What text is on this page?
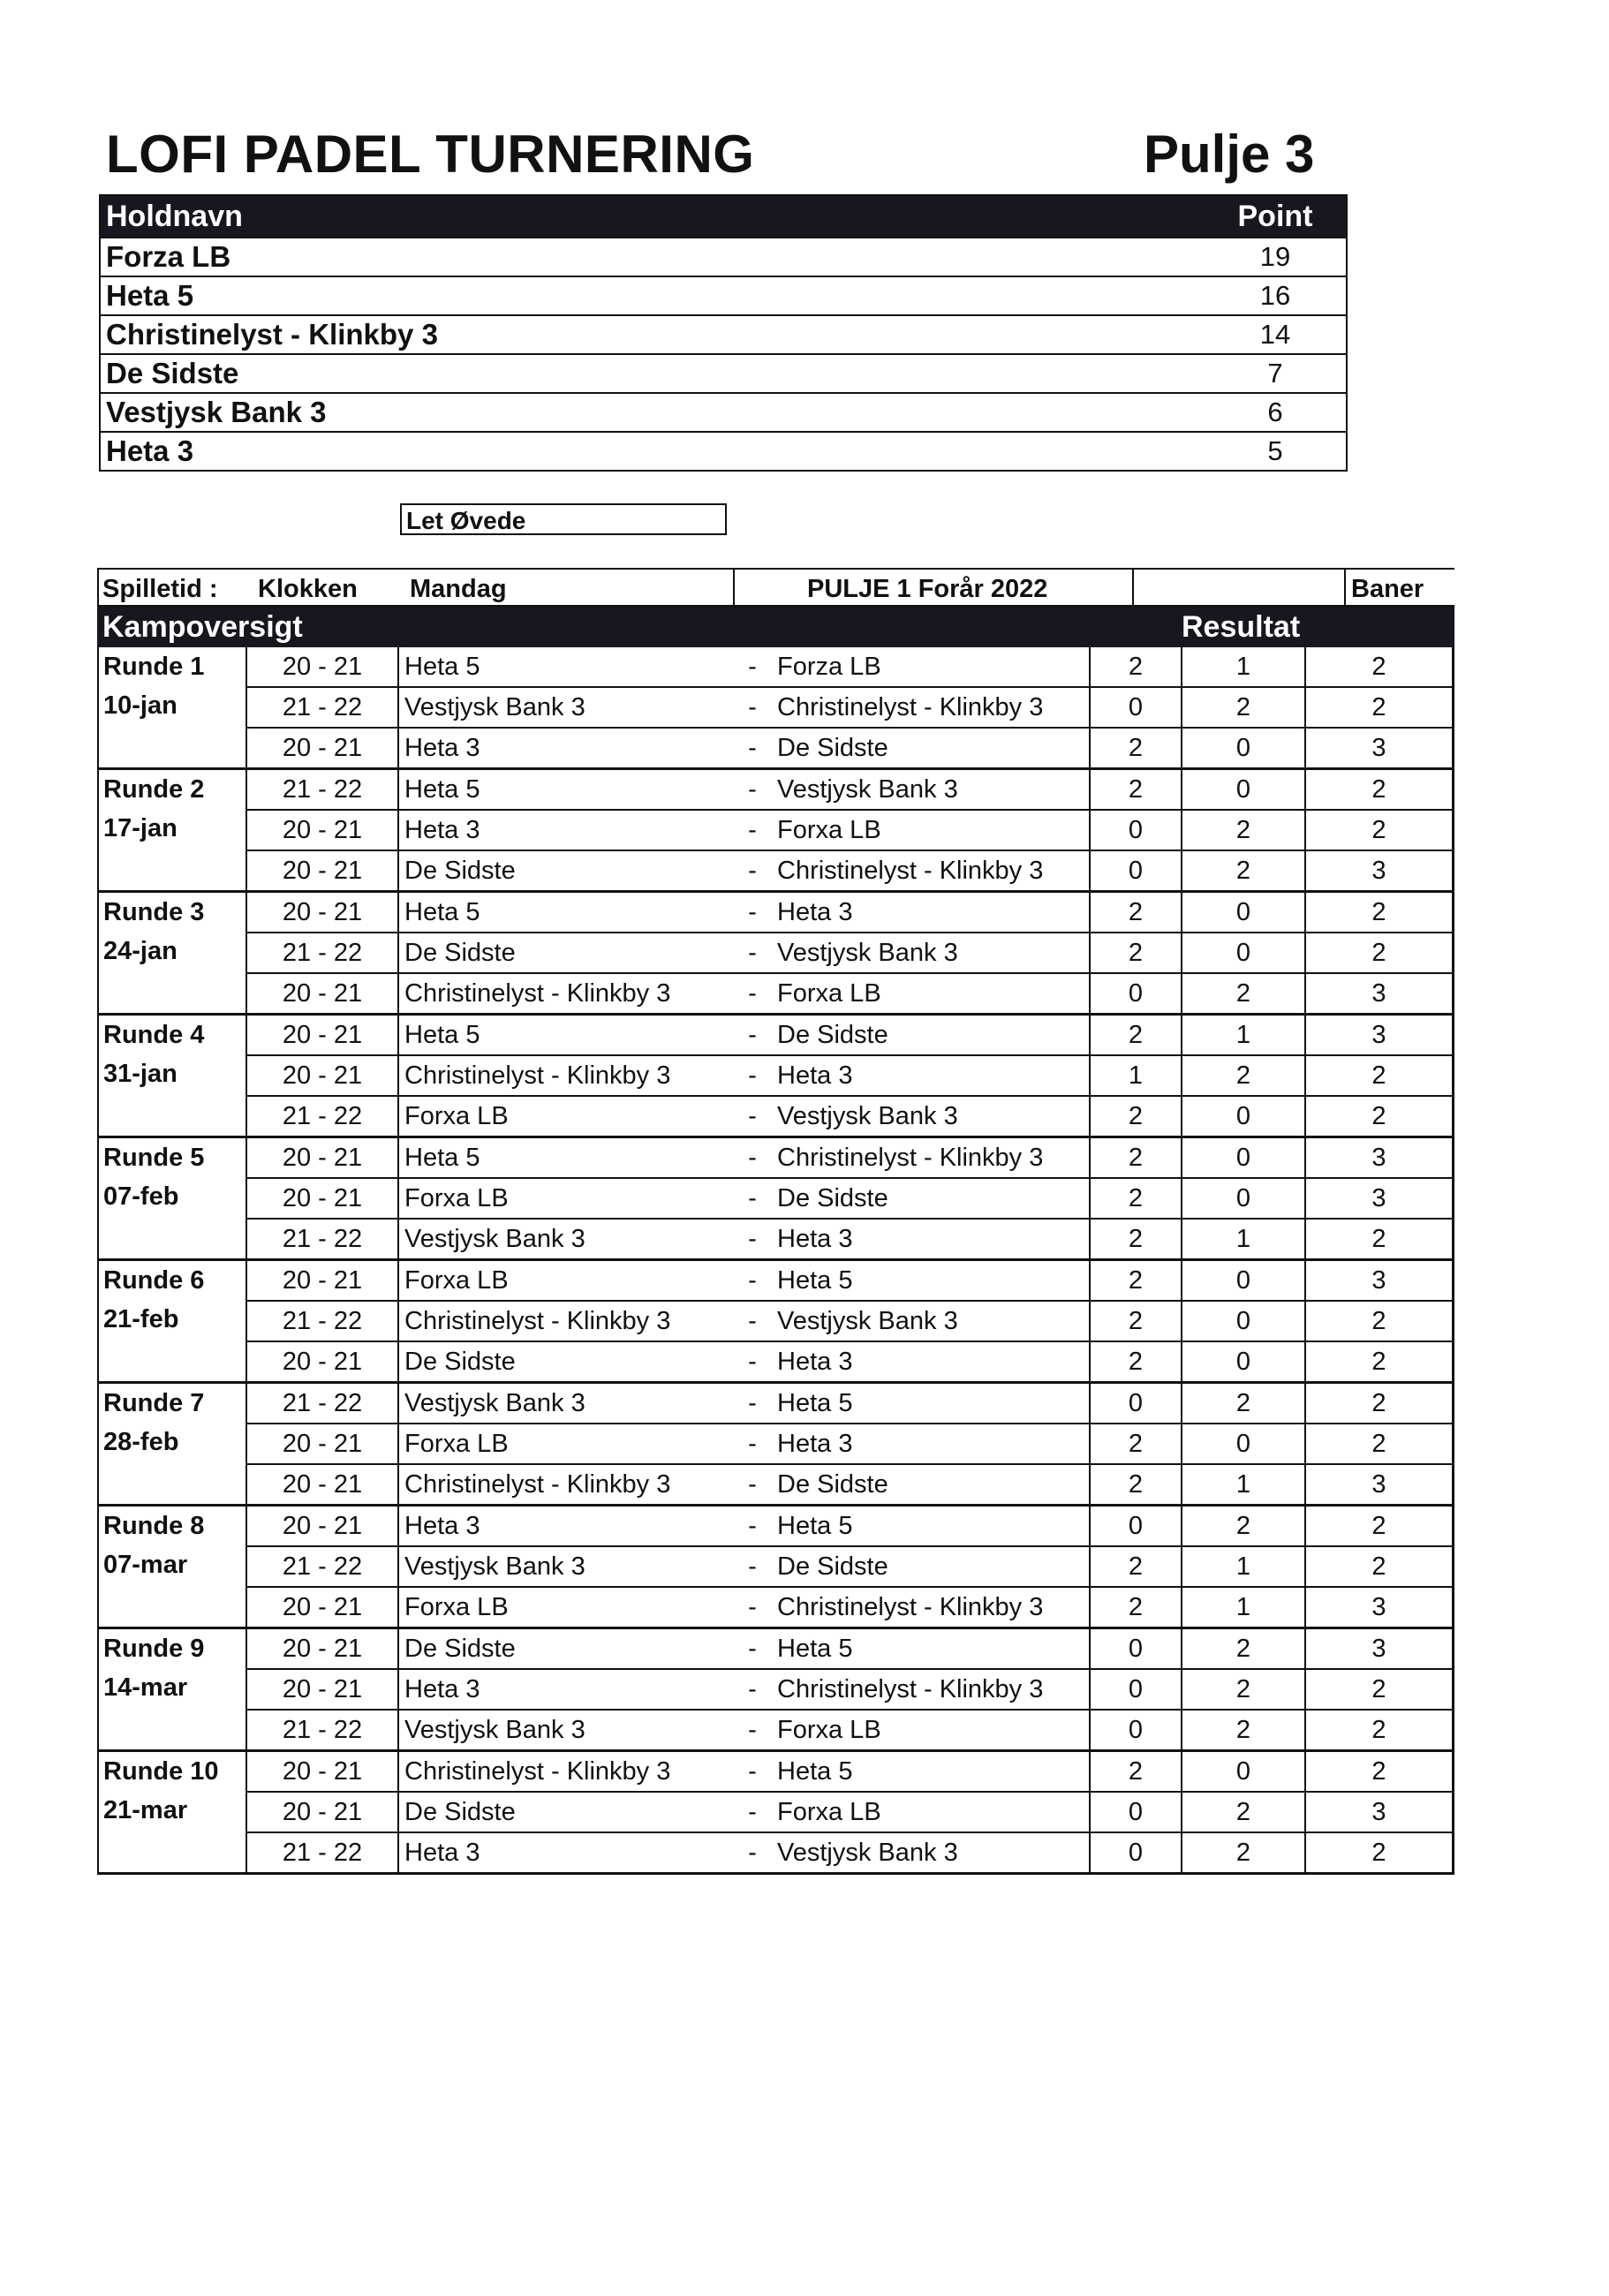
LOFI PADEL TURNERING	Pulje 3
Holdnavn	Point
Forza LB	19
Heta 5	16
Christinelyst - Klinkby 3	14
De Sidste	7
Vestjysk Bank 3	6
Heta 3	5
Let Øvede
Spilletid : Klokken Mandag	PULJE 1 Forår 2022	Baner
Kampoversigt	Resultat
Runde 1
10-jan
20 - 21	Heta 5	- Forza LB	2	1	2
21 - 22	Vestjysk Bank 3	- Christinelyst - Klinkby 3	0	2	2
20 - 21	Heta 3	- De Sidste	2	0	3
Runde 2
17-jan
21 - 22	Heta 5	- Vestjysk Bank 3	2	0	2
20 - 21	Heta 3	- Forxa LB	0	2	2
20 - 21	De Sidste	- Christinelyst - Klinkby 3	0	2	3
Runde 3
24-jan
20 - 21	Heta 5	- Heta 3	2	0	2
21 - 22	De Sidste	- Vestjysk Bank 3	2	0	2
20 - 21	Christinelyst - Klinkby 3	- Forxa LB	0	2	3
Runde 4
31-jan
20 - 21	Heta 5	- De Sidste	2	1	3
20 - 21	Christinelyst - Klinkby 3	- Heta 3	1	2	2
21 - 22	Forxa LB	- Vestjysk Bank 3	2	0	2
Runde 5
07-feb
20 - 21	Heta 5	- Christinelyst - Klinkby 3	2	0	3
20 - 21	Forxa LB	- De Sidste	2	0	3
21 - 22	Vestjysk Bank 3	- Heta 3	2	1	2
Runde 6
21-feb
20 - 21	Forxa LB	- Heta 5	2	0	3
21 - 22	Christinelyst - Klinkby 3	- Vestjysk Bank 3	2	0	2
20 - 21	De Sidste	- Heta 3	2	0	2
Runde 7
28-feb
21 - 22	Vestjysk Bank 3	- Heta 5	0	2	2
20 - 21	Forxa LB	- Heta 3	2	0	2
20 - 21	Christinelyst - Klinkby 3	- De Sidste	2	1	3
Runde 8
07-mar
20 - 21	Heta 3	- Heta 5	0	2	2
21 - 22	Vestjysk Bank 3	- De Sidste	2	1	2
20 - 21	Forxa LB	- Christinelyst - Klinkby 3	2	1	3
Runde 9
14-mar
20 - 21	De Sidste	- Heta 5	0	2	3
20 - 21	Heta 3	- Christinelyst - Klinkby 3	0	2	2
21 - 22	Vestjysk Bank 3	- Forxa LB	0	2	2
Runde 10
21-mar
20 - 21	Christinelyst - Klinkby 3	- Heta 5	2	0	2
20 - 21	De Sidste	- Forxa LB	0	2	3
21 - 22	Heta 3	- Vestjysk Bank 3	0	2	2
